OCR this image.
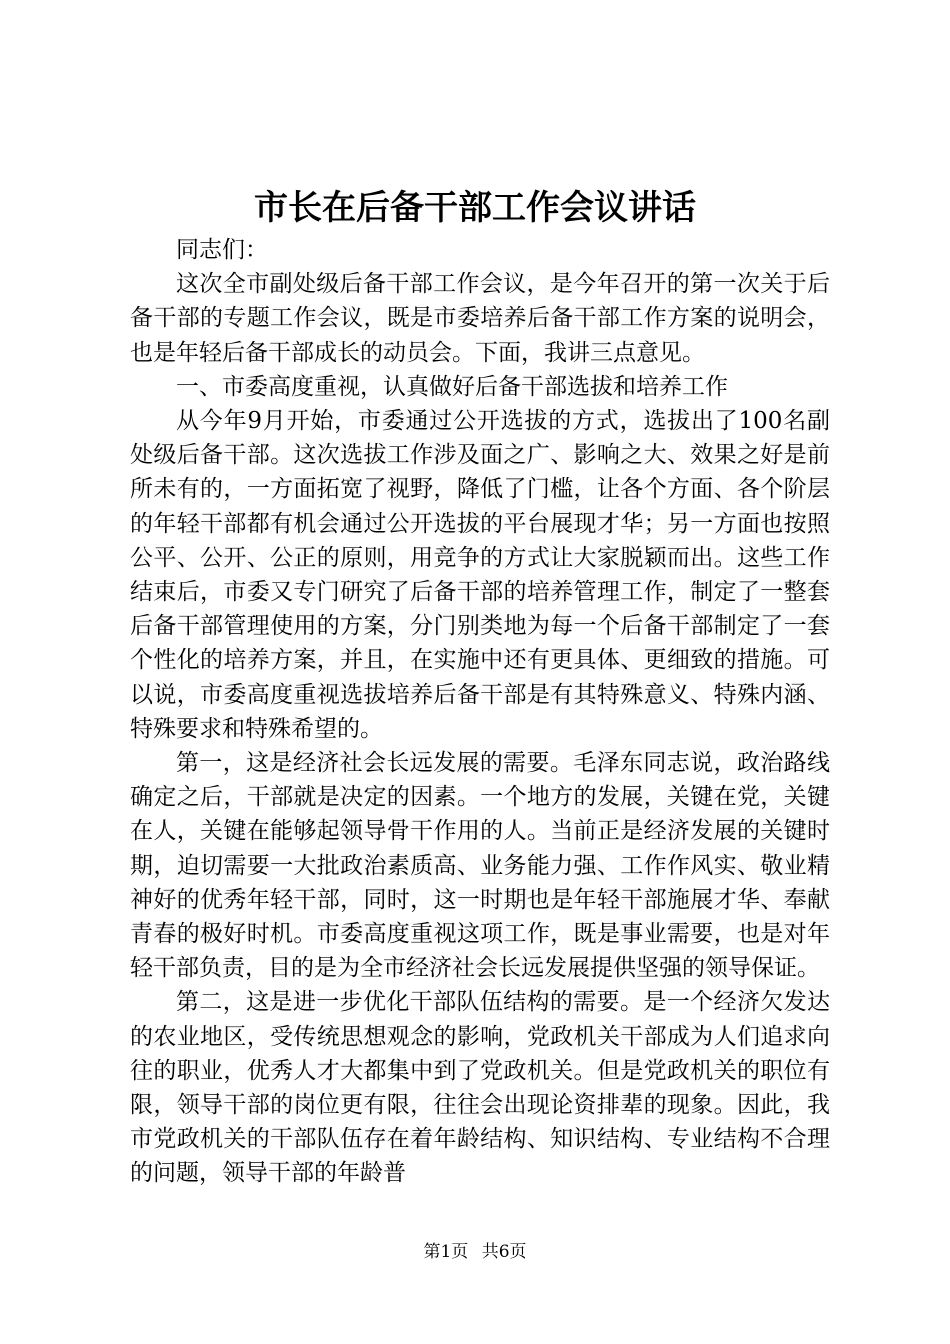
市长在后备干部工作会议讲话

同志们：

这次全市副处级后备干部工作会议，是今年召开的第一次关于后备干部的专题工作会议，既是市委培养后备干部工作方案的说明会，也是年轻后备干部成长的动员会。下面，我讲三点意见。

一、市委高度重视，认真做好后备干部选拔和培养工作

从今年9月开始，市委通过公开选拔的方式，选拔出了100名副处级后备干部。这次选拔工作涉及面之广、影响之大、效果之好是前所未有的，一方面拓宽了视野，降低了门槛，让各个方面、各个阶层的年轻干部都有机会通过公开选拔的平台展现才华；另一方面也按照公平、公开、公正的原则，用竞争的方式让大家脱颖而出。这些工作结束后，市委又专门研究了后备干部的培养管理工作，制定了一整套后备干部管理使用的方案，分门别类地为每一个后备干部制定了一套个性化的培养方案，并且，在实施中还有更具体、更细致的措施。可以说，市委高度重视选拔培养后备干部是有其特殊意义、特殊内涵、特殊要求和特殊希望的。

第一，这是经济社会长远发展的需要。毛泽东同志说，政治路线确定之后，干部就是决定的因素。一个地方的发展，关键在党，关键在人，关键在能够起领导骨干作用的人。当前正是经济发展的关键时期，迫切需要一大批政治素质高、业务能力强、工作作风实、敬业精神好的优秀年轻干部，同时，这一时期也是年轻干部施展才华、奉献青春的极好时机。市委高度重视这项工作，既是事业需要，也是对年轻干部负责，目的是为全市经济社会长远发展提供坚强的领导保证。

第二，这是进一步优化干部队伍结构的需要。是一个经济欠发达的农业地区，受传统思想观念的影响，党政机关干部成为人们追求向往的职业，优秀人才大都集中到了党政机关。但是党政机关的职位有限，领导干部的岗位更有限，往往会出现论资排辈的现象。因此，我市党政机关的干部队伍存在着年龄结构、知识结构、专业结构不合理的问题，领导干部的年龄普

第1页 共6页
